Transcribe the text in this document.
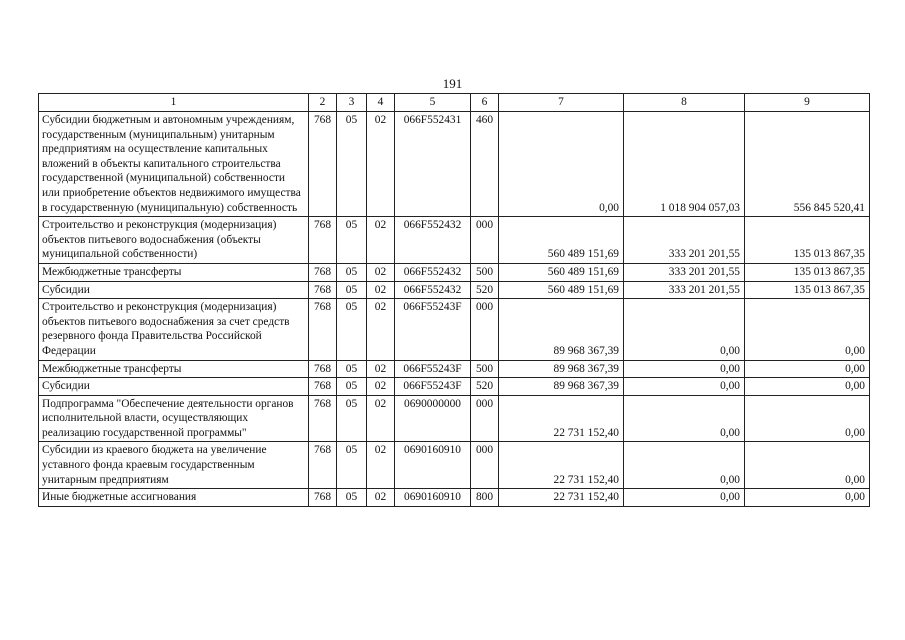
191
1	2	3	4	5	6	7	8	9
Субсидии бюджетным и автономным учреждениям, государственным (муниципальным) унитарным предприятиям на осуществление капитальных вложений в объекты капитального строительства государственной (муниципальной) собственности или приобретение объектов недвижимого имущества в государственную (муниципальную) собственность	768	05	02	066F552431	460	0,00	1 018 904 057,03	556 845 520,41
Строительство и реконструкция (модернизация) объектов питьевого водоснабжения (объекты муниципальной собственности)	768	05	02	066F552432	000	560 489 151,69	333 201 201,55	135 013 867,35
Межбюджетные трансферты	768	05	02	066F552432	500	560 489 151,69	333 201 201,55	135 013 867,35
Субсидии	768	05	02	066F552432	520	560 489 151,69	333 201 201,55	135 013 867,35
Строительство и реконструкция (модернизация) объектов питьевого водоснабжения за счет средств резервного фонда Правительства Российской Федерации	768	05	02	066F55243F	000	89 968 367,39	0,00	0,00
Межбюджетные трансферты	768	05	02	066F55243F	500	89 968 367,39	0,00	0,00
Субсидии	768	05	02	066F55243F	520	89 968 367,39	0,00	0,00
Подпрограмма "Обеспечение деятельности органов исполнительной власти, осуществляющих реализацию государственной программы"	768	05	02	0690000000	000	22 731 152,40	0,00	0,00
Субсидии из краевого бюджета на увеличение уставного фонда краевым государственным унитарным предприятиям	768	05	02	0690160910	000	22 731 152,40	0,00	0,00
Иные бюджетные ассигнования	768	05	02	0690160910	800	22 731 152,40	0,00	0,00
